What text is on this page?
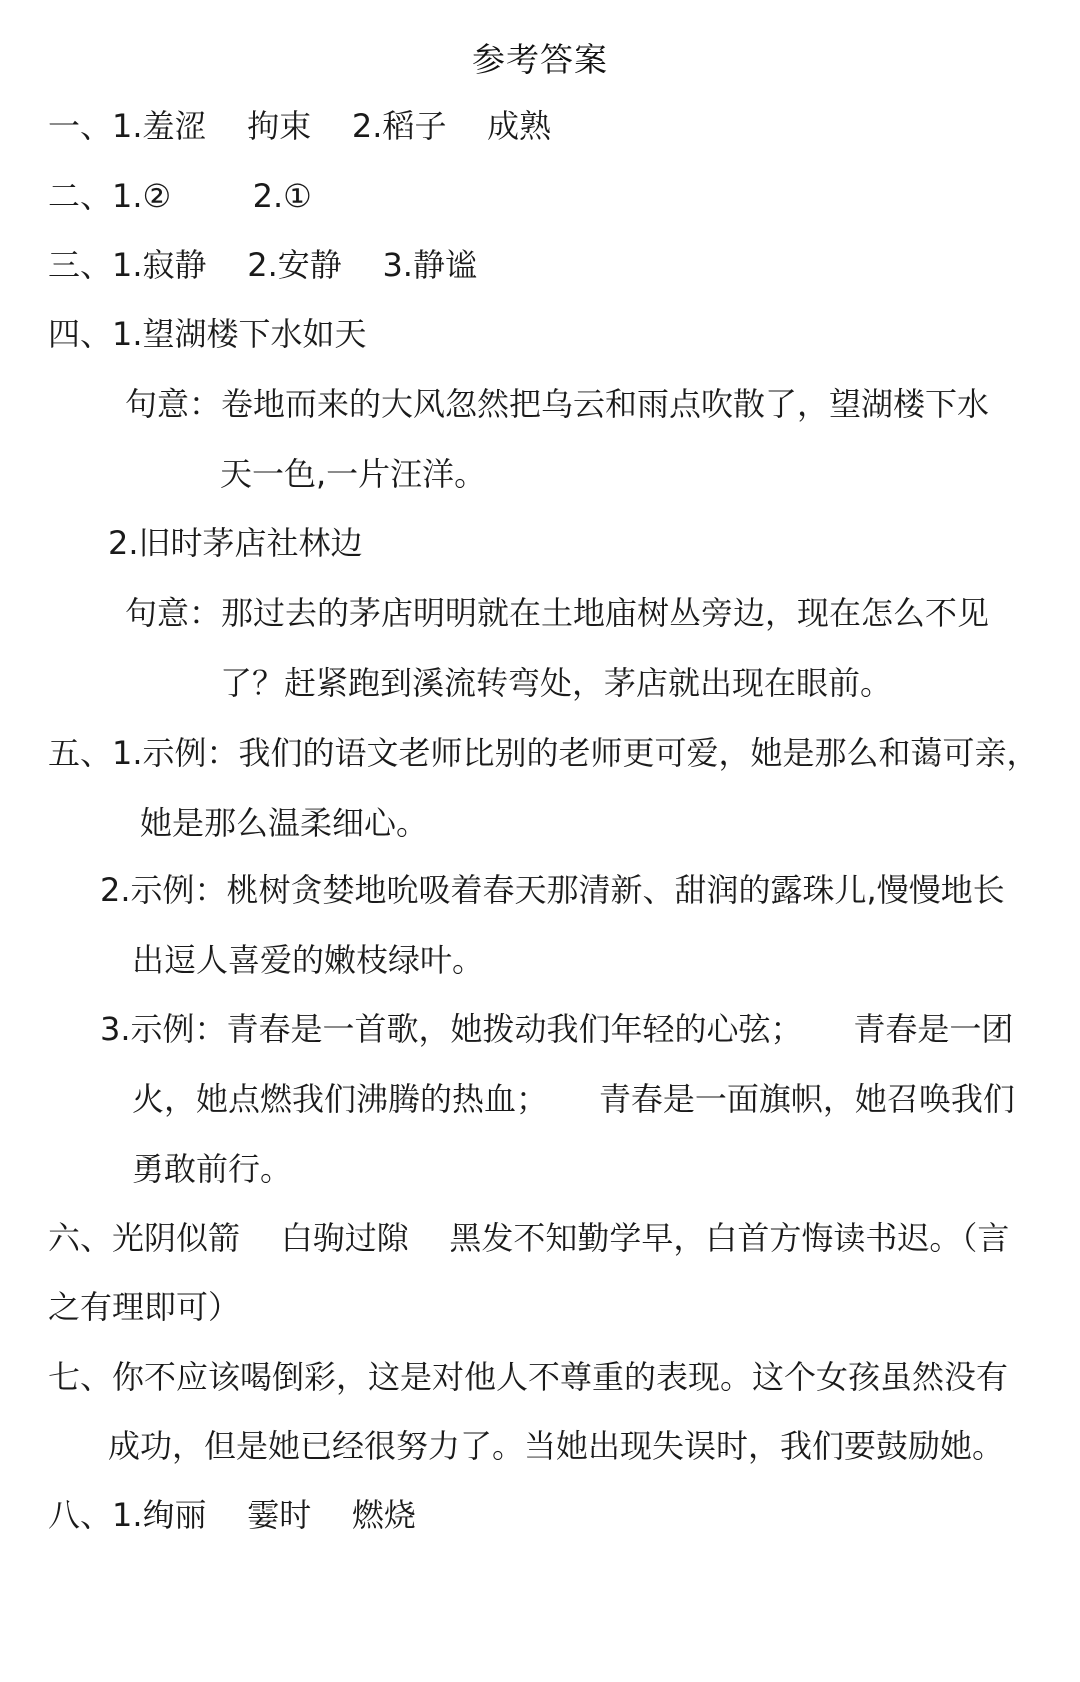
参考答案
一、1.羞涩    拘束    2.稻子    成熟
二、1.②        2.①
三、1.寂静    2.安静    3.静谧
四、1.望湖楼下水如天
句意：卷地而来的大风忽然把乌云和雨点吹散了，望湖楼下水
天一色,一片汪洋。
2.旧时茅店社林边
句意：那过去的茅店明明就在土地庙树丛旁边，现在怎么不见
了？赶紧跑到溪流转弯处，茅店就出现在眼前。
五、1.示例：我们的语文老师比别的老师更可爱，她是那么和蔼可亲，
她是那么温柔细心。
2.示例：桃树贪婪地吮吸着春天那清新、甜润的露珠儿,慢慢地长
出逗人喜爱的嫩枝绿叶。
3.示例：青春是一首歌，她拨动我们年轻的心弦；     青春是一团
火，她点燃我们沸腾的热血；     青春是一面旗帜，她召唤我们
勇敢前行。
六、光阴似箭    白驹过隙    黑发不知勤学早，白首方悔读书迟。（言
之有理即可）
七、你不应该喝倒彩，这是对他人不尊重的表现。这个女孩虽然没有
成功，但是她已经很努力了。当她出现失误时，我们要鼓励她。
八、1.绚丽    霎时    燃烧
